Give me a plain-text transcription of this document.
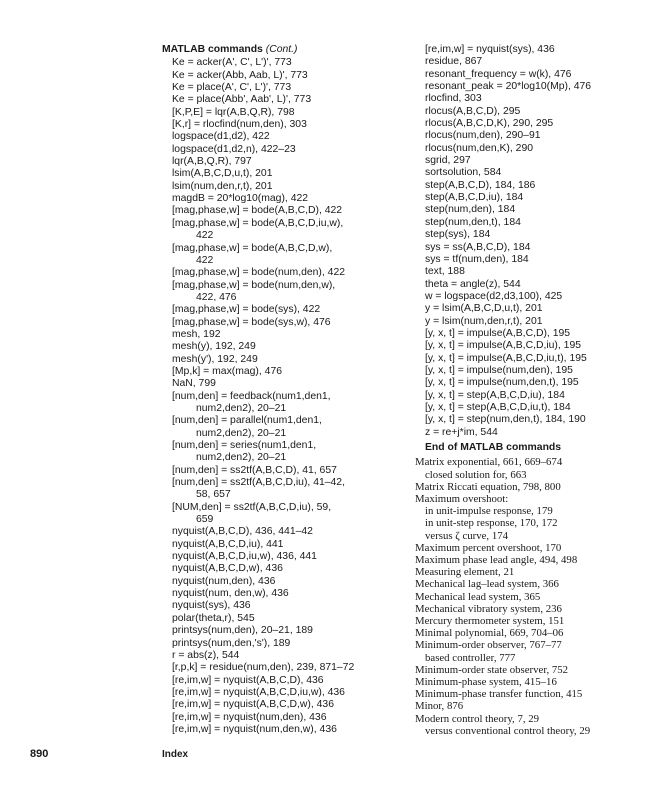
MATLAB commands (Cont.)
Ke = acker(A', C', L')', 773
Ke = acker(Abb, Aab, L)', 773
Ke = place(A', C', L')', 773
Ke = place(Abb', Aab', L)', 773
[K,P,E] = lqr(A,B,Q,R), 798
[K,r] = rlocfind(num,den), 303
logspace(d1,d2), 422
logspace(d1,d2,n), 422–23
lqr(A,B,Q,R), 797
lsim(A,B,C,D,u,t), 201
lsim(num,den,r,t), 201
magdB = 20*log10(mag), 422
[mag,phase,w] = bode(A,B,C,D), 422
[mag,phase,w] = bode(A,B,C,D,iu,w),
422
[mag,phase,w] = bode(A,B,C,D,w),
422
[mag,phase,w] = bode(num,den), 422
[mag,phase,w] = bode(num,den,w),
422, 476
[mag,phase,w] = bode(sys), 422
[mag,phase,w] = bode(sys,w), 476
mesh, 192
mesh(y), 192, 249
mesh(y'), 192, 249
[Mp,k] = max(mag), 476
NaN, 799
[num,den] = feedback(num1,den1,
num2,den2), 20–21
[num,den] = parallel(num1,den1,
num2,den2), 20–21
[num,den] = series(num1,den1,
num2,den2), 20–21
[num,den] = ss2tf(A,B,C,D), 41, 657
[num,den] = ss2tf(A,B,C,D,iu), 41–42,
58, 657
[NUM,den] = ss2tf(A,B,C,D,iu), 59,
659
nyquist(A,B,C,D), 436, 441–42
nyquist(A,B,C,D,iu), 441
nyquist(A,B,C,D,iu,w), 436, 441
nyquist(A,B,C,D,w), 436
nyquist(num,den), 436
nyquist(num, den,w), 436
nyquist(sys), 436
polar(theta,r), 545
printsys(num,den), 20–21, 189
printsys(num,den,'s'), 189
r = abs(z), 544
[r,p,k] = residue(num,den), 239, 871–72
[re,im,w] = nyquist(A,B,C,D), 436
[re,im,w] = nyquist(A,B,C,D,iu,w), 436
[re,im,w] = nyquist(A,B,C,D,w), 436
[re,im,w] = nyquist(num,den), 436
[re,im,w] = nyquist(num,den,w), 436
[re,im,w] = nyquist(sys), 436
residue, 867
resonant_frequency = w(k), 476
resonant_peak = 20*log10(Mp), 476
rlocfind, 303
rlocus(A,B,C,D), 295
rlocus(A,B,C,D,K), 290, 295
rlocus(num,den), 290–91
rlocus(num,den,K), 290
sgrid, 297
sortsolution, 584
step(A,B,C,D), 184, 186
step(A,B,C,D,iu), 184
step(num,den), 184
step(num,den,t), 184
step(sys), 184
sys = ss(A,B,C,D), 184
sys = tf(num,den), 184
text, 188
theta = angle(z), 544
w = logspace(d2,d3,100), 425
y = lsim(A,B,C,D,u,t), 201
y = lsim(num,den,r,t), 201
[y, x, t] = impulse(A,B,C,D), 195
[y, x, t] = impulse(A,B,C,D,iu), 195
[y, x, t] = impulse(A,B,C,D,iu,t), 195
[y, x, t] = impulse(num,den), 195
[y, x, t] = impulse(num,den,t), 195
[y, x, t] = step(A,B,C,D,iu), 184
[y, x, t] = step(A,B,C,D,iu,t), 184
[y, x, t] = step(num,den,t), 184, 190
z = re+j*im, 544
End of MATLAB commands
Matrix exponential, 661, 669–674
closed solution for, 663
Matrix Riccati equation, 798, 800
Maximum overshoot:
in unit-impulse response, 179
in unit-step response, 170, 172
versus ζ curve, 174
Maximum percent overshoot, 170
Maximum phase lead angle, 494, 498
Measuring element, 21
Mechanical lag–lead system, 366
Mechanical lead system, 365
Mechanical vibratory system, 236
Mercury thermometer system, 151
Minimal polynomial, 669, 704–06
Minimum-order observer, 767–77
based controller, 777
Minimum-order state observer, 752
Minimum-phase system, 415–16
Minimum-phase transfer function, 415
Minor, 876
Modern control theory, 7, 29
versus conventional control theory, 29
890	Index
